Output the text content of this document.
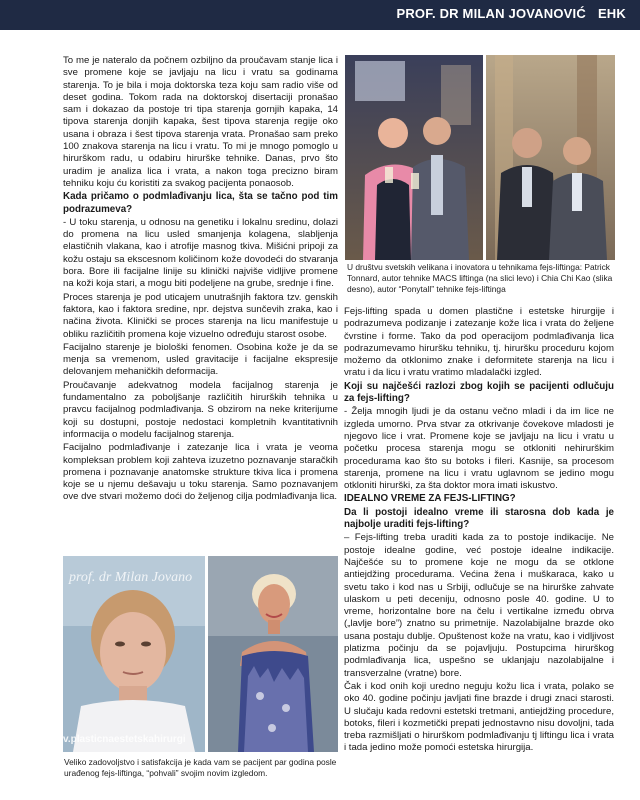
PROF. DR MILAN JOVANOVIĆ EHK

To me je nateralo da počnem ozbiljno da proučavam stanje lica i sve promene koje se javljaju na licu i vratu sa godinama starenja. To je bila i moja doktorska teza koju sam radio više od deset godina. Tokom rada na doktorskoj disertaciji pronašao sam i dokazao da postoje tri tipa starenja gornjih kapaka, 14 tipova starenja donjih kapaka, šest tipova starenja regije oko usana i obraza i šest tipova starenja vrata. Pronašao sam preko 100 znakova starenja na licu i vratu. To mi je mnogo pomoglo u hirurškom radu, u odabiru hirurške tehnike. Danas, prvo što uradim je analiza lica i vrata, a nakon toga precizno biram tehniku koju ću koristiti za svakog pacijenta ponaosob.

Kada pričamo o podmlađivanju lica, šta se tačno pod tim podrazumeva?

- U toku starenja, u odnosu na genetiku i lokalnu sredinu, dolazi do promena na licu usled smanjenja kolagena, slabljenja elastičnih vlakana, kao i atrofije masnog tkiva. Mišićni pripoji za kožu ostaju sa ekscesnom količinom kože dovodeći do stvaranja bora. Bore ili facijalne linije su klinički najviše vidljive promene na koži koja stari, a mogu biti podeljene na grube, srednje i fine.

Proces starenja je pod uticajem unutrašnjih faktora tzv. genskih faktora, kao i faktora sredine, npr. dejstva sunčevih zraka, kao i načina života. Klinički se proces starenja na licu manifestuje u obliku različitih promena koje vizuelno određuju starost osobe.

Facijalno starenje je biološki fenomen. Osobina kože je da se menja sa vremenom, usled gravitacije i facijalne ekspresije delovanjem mehaničkih deformacija.

Proučavanje adekvatnog modela facijalnog starenja je fundamentalno za poboljšanje različitih hirurških tehnika u pravcu facijalnog podmlađivanja. S obzirom na neke kriterijume koji su dostupni, postoje nedostaci kompletnih kvantitativnih informacija o modelu facijalnog starenja.

Facijalno podmlađivanje i zatezanje lica i vrata je veoma kompleksan problem koji zahteva izuzetno poznavanje staračkih promena i poznavanje anatomske strukture tkiva lica i promena koje se u njemu dešavaju u toku starenja. Samo poznavanjem ove dve stvari možemo doći do željenog cilja podmlađivanja lica.

U društvu svetskih velikana i inovatora u tehnikama fejs-liftinga: Patrick Tonnard, autor tehnike MACS liftinga (na slici levo) i Chia Chi Kao (slika desno), autor “Ponytall” tehnike fejs-liftinga

Fejs-lifting spada u domen plastične i estetske hirurgije i podrazumeva podizanje i zatezanje kože lica i vrata do željene čvrstine i forme. Tako da pod operacijom podmlađivanja lica podrazumevamo hiruršku tehniku, tj. hiruršku proceduru kojom možemo da otklonimo znake i deformitete starenja na licu i vratu i da licu i vratu vratimo mladalački izgled.

Koji su najčešći razlozi zbog kojih se pacijenti odlučuju za fejs-lifting?

- Želja mnogih ljudi je da ostanu večno mladi i da im lice ne izgleda umorno. Prva stvar za otkrivanje čovekove mladosti je njegovo lice i vrat. Promene koje se javljaju na licu i vratu u početku procesa starenja mogu se otkloniti nehirurškim procedurama kao što su botoks i fileri. Kasnije, sa procesom starenja, promene na licu i vratu uglavnom se jedino mogu otkloniti hirurški, za šta doktor mora imati iskustvo.

IDEALNO VREME ZA FEJS-LIFTING?
Da li postoji idealno vreme ili starosna dob kada je najbolje uraditi fejs-lifting?

– Fejs-lifting treba uraditi kada za to postoje indikacije. Ne postoje idealne godine, već postoje idealne indikacije. Najčešće su to promene koje ne mogu da se otklone antiejdžing procedurama. Većina žena i muškaraca, kako u svetu tako i kod nas u Srbiji, odlučuje se na hirurške zahvate ulaskom u peti deceniju, odnosno posle 40. godine. U to vreme, horizontalne bore na čelu i vertikalne između obrva („lavlje bore”) znatno su primetnije. Nazolabijalne brazde oko usana postaju dublje. Opuštenost kože na vratu, kao i vidljivost platizma počinju da se pojavljuju. Postupcima hirurškog podmlađivanja lica, uspešno se uklanjaju nazolabijalne i transverzalne (vratne) bore.

Čak i kod onih koji uredno neguju kožu lica i vrata, polako se oko 40. godine počinju javljati fine brazde i drugi znaci starosti. U slučaju kada redovni estetski tretmani, antiejdžing procedure, botoks, fileri i kozmetički prepati jednostavno nisu dovoljni, tada treba razmišljati o hirurškom podmlađivanju tj liftingu lica i vrata i tada jedino može pomoći estetska hirurgija.

prof. dr Milan Jovano
v.plasticnaestetskahirurgi
Veliko zadovoljstvo i satisfakcija je kada vam se pacijent par godina posle urađenog fejs-liftinga, “pohvali” svojim novim izgledom.
